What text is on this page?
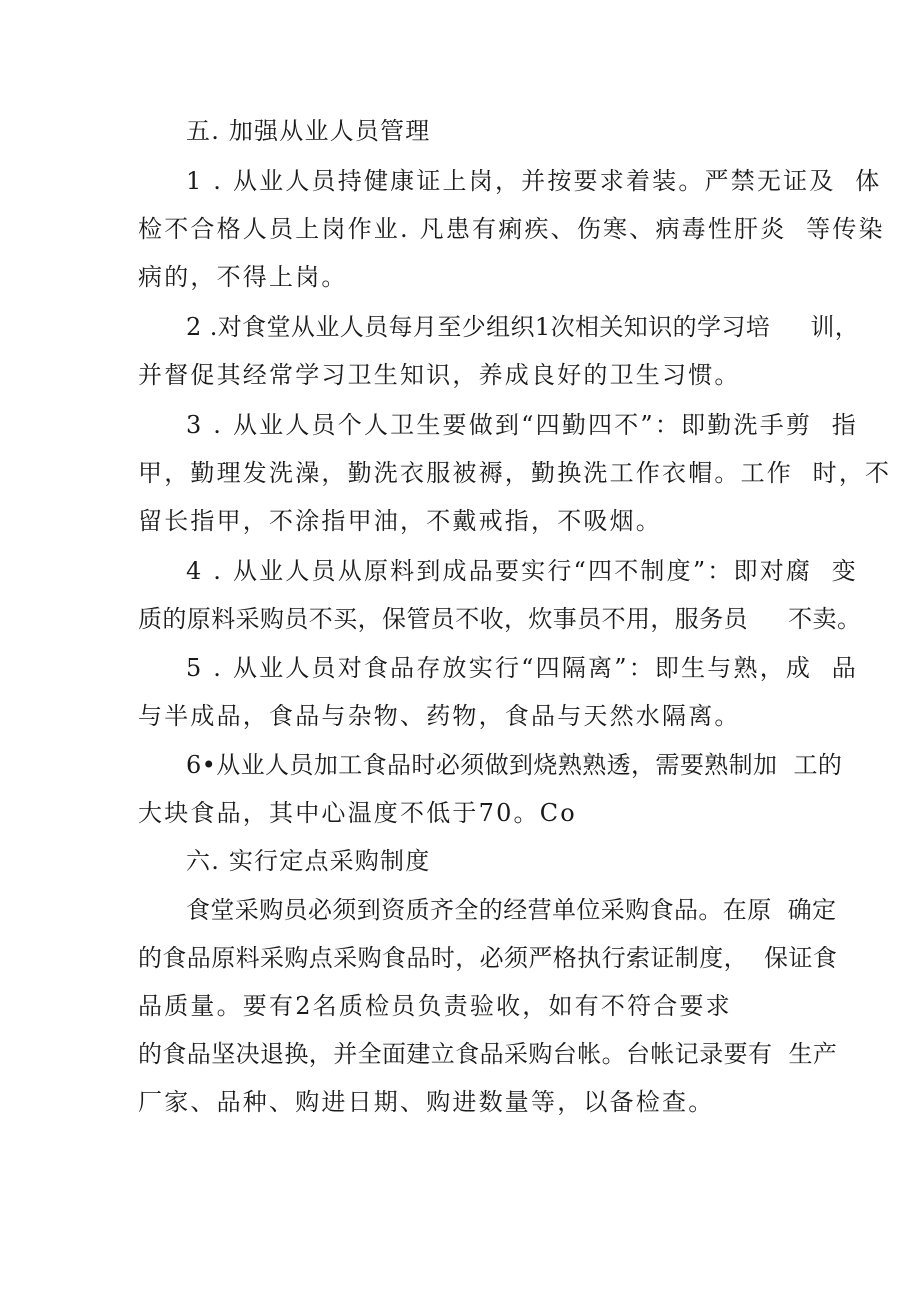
五. 加强从业人员管理
1 . 从业人员持健康证上岗，并按要求着装。严禁无证及  体
检不合格人员上岗作业. 凡患有痢疾、伤寒、病毒性肝炎  等传染
病的，不得上岗。
2 .对食堂从业人员每月至少组织1次相关知识的学习培     训，
并督促其经常学习卫生知识，养成良好的卫生习惯。
3 . 从业人员个人卫生要做到“四勤四不”：即勤洗手剪  指
甲，勤理发洗澡，勤洗衣服被褥，勤换洗工作衣帽。工作  时，不
留长指甲，不涂指甲油，不戴戒指，不吸烟。
4 . 从业人员从原料到成品要实行“四不制度”：即对腐  变
质的原料采购员不买，保管员不收，炊事员不用，服务员     不卖。
5 . 从业人员对食品存放实行“四隔离”：即生与熟，成  品
与半成品，食品与杂物、药物，食品与天然水隔离。
6•从业人员加工食品时必须做到烧熟熟透，需要熟制加  工的
大块食品，其中心温度不低于70。Co
六. 实行定点采购制度
食堂采购员必须到资质齐全的经营单位采购食品。在原  确定
的食品原料采购点采购食品时，必须严格执行索证制度，  保证食
品质量。要有2名质检员负责验收，如有不符合要求
的食品坚决退换，并全面建立食品采购台帐。台帐记录要有  生产
厂家、品种、购进日期、购进数量等，以备检查。
